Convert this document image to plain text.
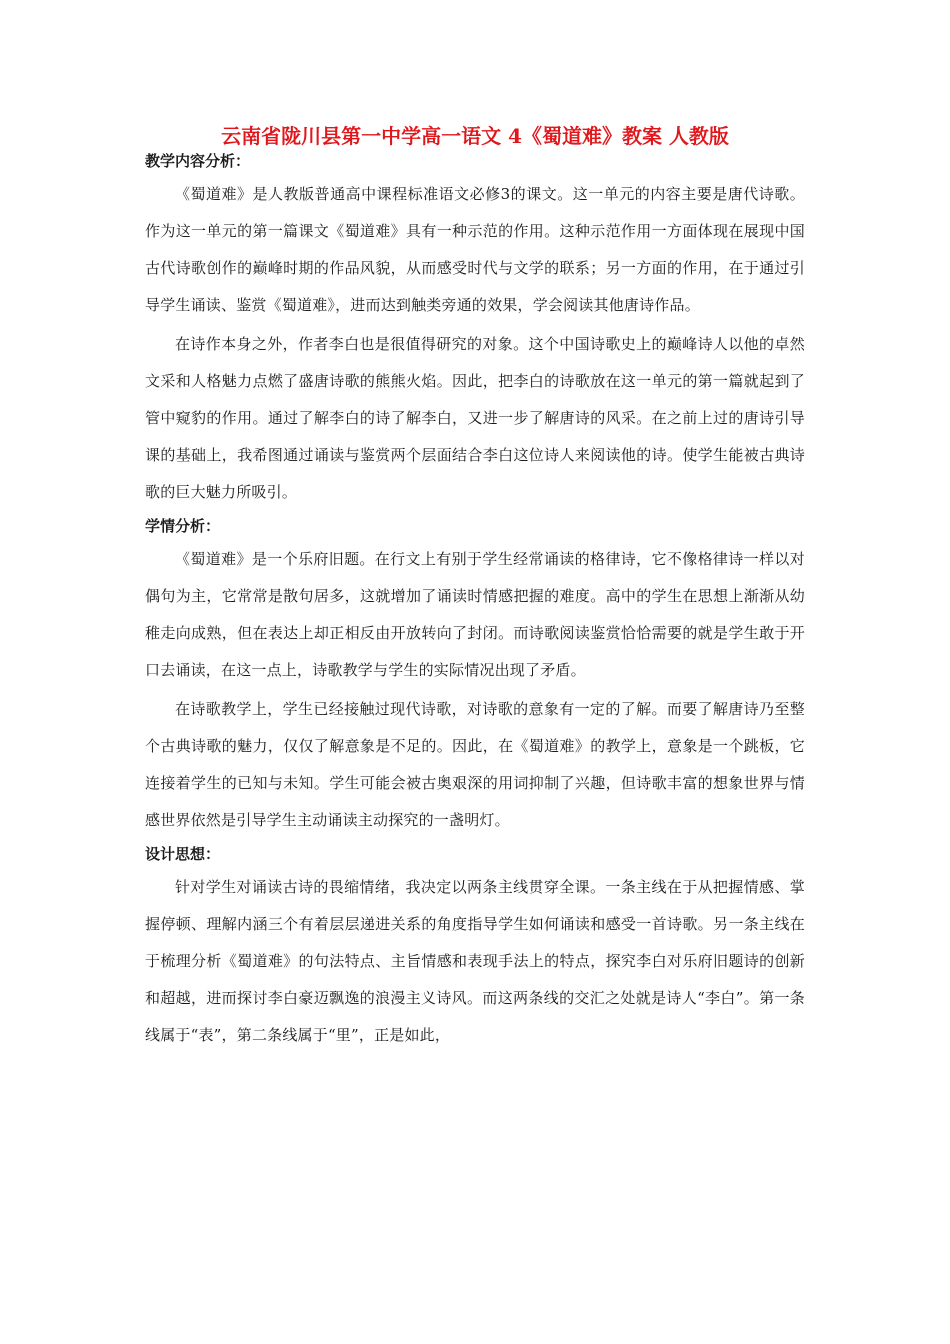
云南省陇川县第一中学高一语文 4《蜀道难》教案 人教版
教学内容分析：

《蜀道难》是人教版普通高中课程标准语文必修3的课文。这一单元的内容主要是唐代诗歌。作为这一单元的第一篇课文《蜀道难》具有一种示范的作用。这种示范作用一方面体现在展现中国古代诗歌创作的巅峰时期的作品风貌，从而感受时代与文学的联系；另一方面的作用，在于通过引导学生诵读、鉴赏《蜀道难》，进而达到触类旁通的效果，学会阅读其他唐诗作品。

在诗作本身之外，作者李白也是很值得研究的对象。这个中国诗歌史上的巅峰诗人以他的卓然文采和人格魅力点燃了盛唐诗歌的熊熊火焰。因此，把李白的诗歌放在这一单元的第一篇就起到了管中窥豹的作用。通过了解李白的诗了解李白，又进一步了解唐诗的风采。在之前上过的唐诗引导课的基础上，我希图通过诵读与鉴赏两个层面结合李白这位诗人来阅读他的诗。使学生能被古典诗歌的巨大魅力所吸引。

学情分析：

《蜀道难》是一个乐府旧题。在行文上有别于学生经常诵读的格律诗，它不像格律诗一样以对偶句为主，它常常是散句居多，这就增加了诵读时情感把握的难度。高中的学生在思想上渐渐从幼稚走向成熟，但在表达上却正相反由开放转向了封闭。而诗歌阅读鉴赏恰恰需要的就是学生敢于开口去诵读，在这一点上，诗歌教学与学生的实际情况出现了矛盾。

在诗歌教学上，学生已经接触过现代诗歌，对诗歌的意象有一定的了解。而要了解唐诗乃至整个古典诗歌的魅力，仅仅了解意象是不足的。因此，在《蜀道难》的教学上，意象是一个跳板，它连接着学生的已知与未知。学生可能会被古奥艰深的用词抑制了兴趣，但诗歌丰富的想象世界与情感世界依然是引导学生主动诵读主动探究的一盏明灯。

设计思想：

针对学生对诵读古诗的畏缩情绪，我决定以两条主线贯穿全课。一条主线在于从把握情感、掌握停顿、理解内涵三个有着层层递进关系的角度指导学生如何诵读和感受一首诗歌。另一条主线在于梳理分析《蜀道难》的句法特点、主旨情感和表现手法上的特点，探究李白对乐府旧题诗的创新和超越，进而探讨李白豪迈飘逸的浪漫主义诗风。而这两条线的交汇之处就是诗人“李白”。第一条线属于“表”，第二条线属于“里”，正是如此，
